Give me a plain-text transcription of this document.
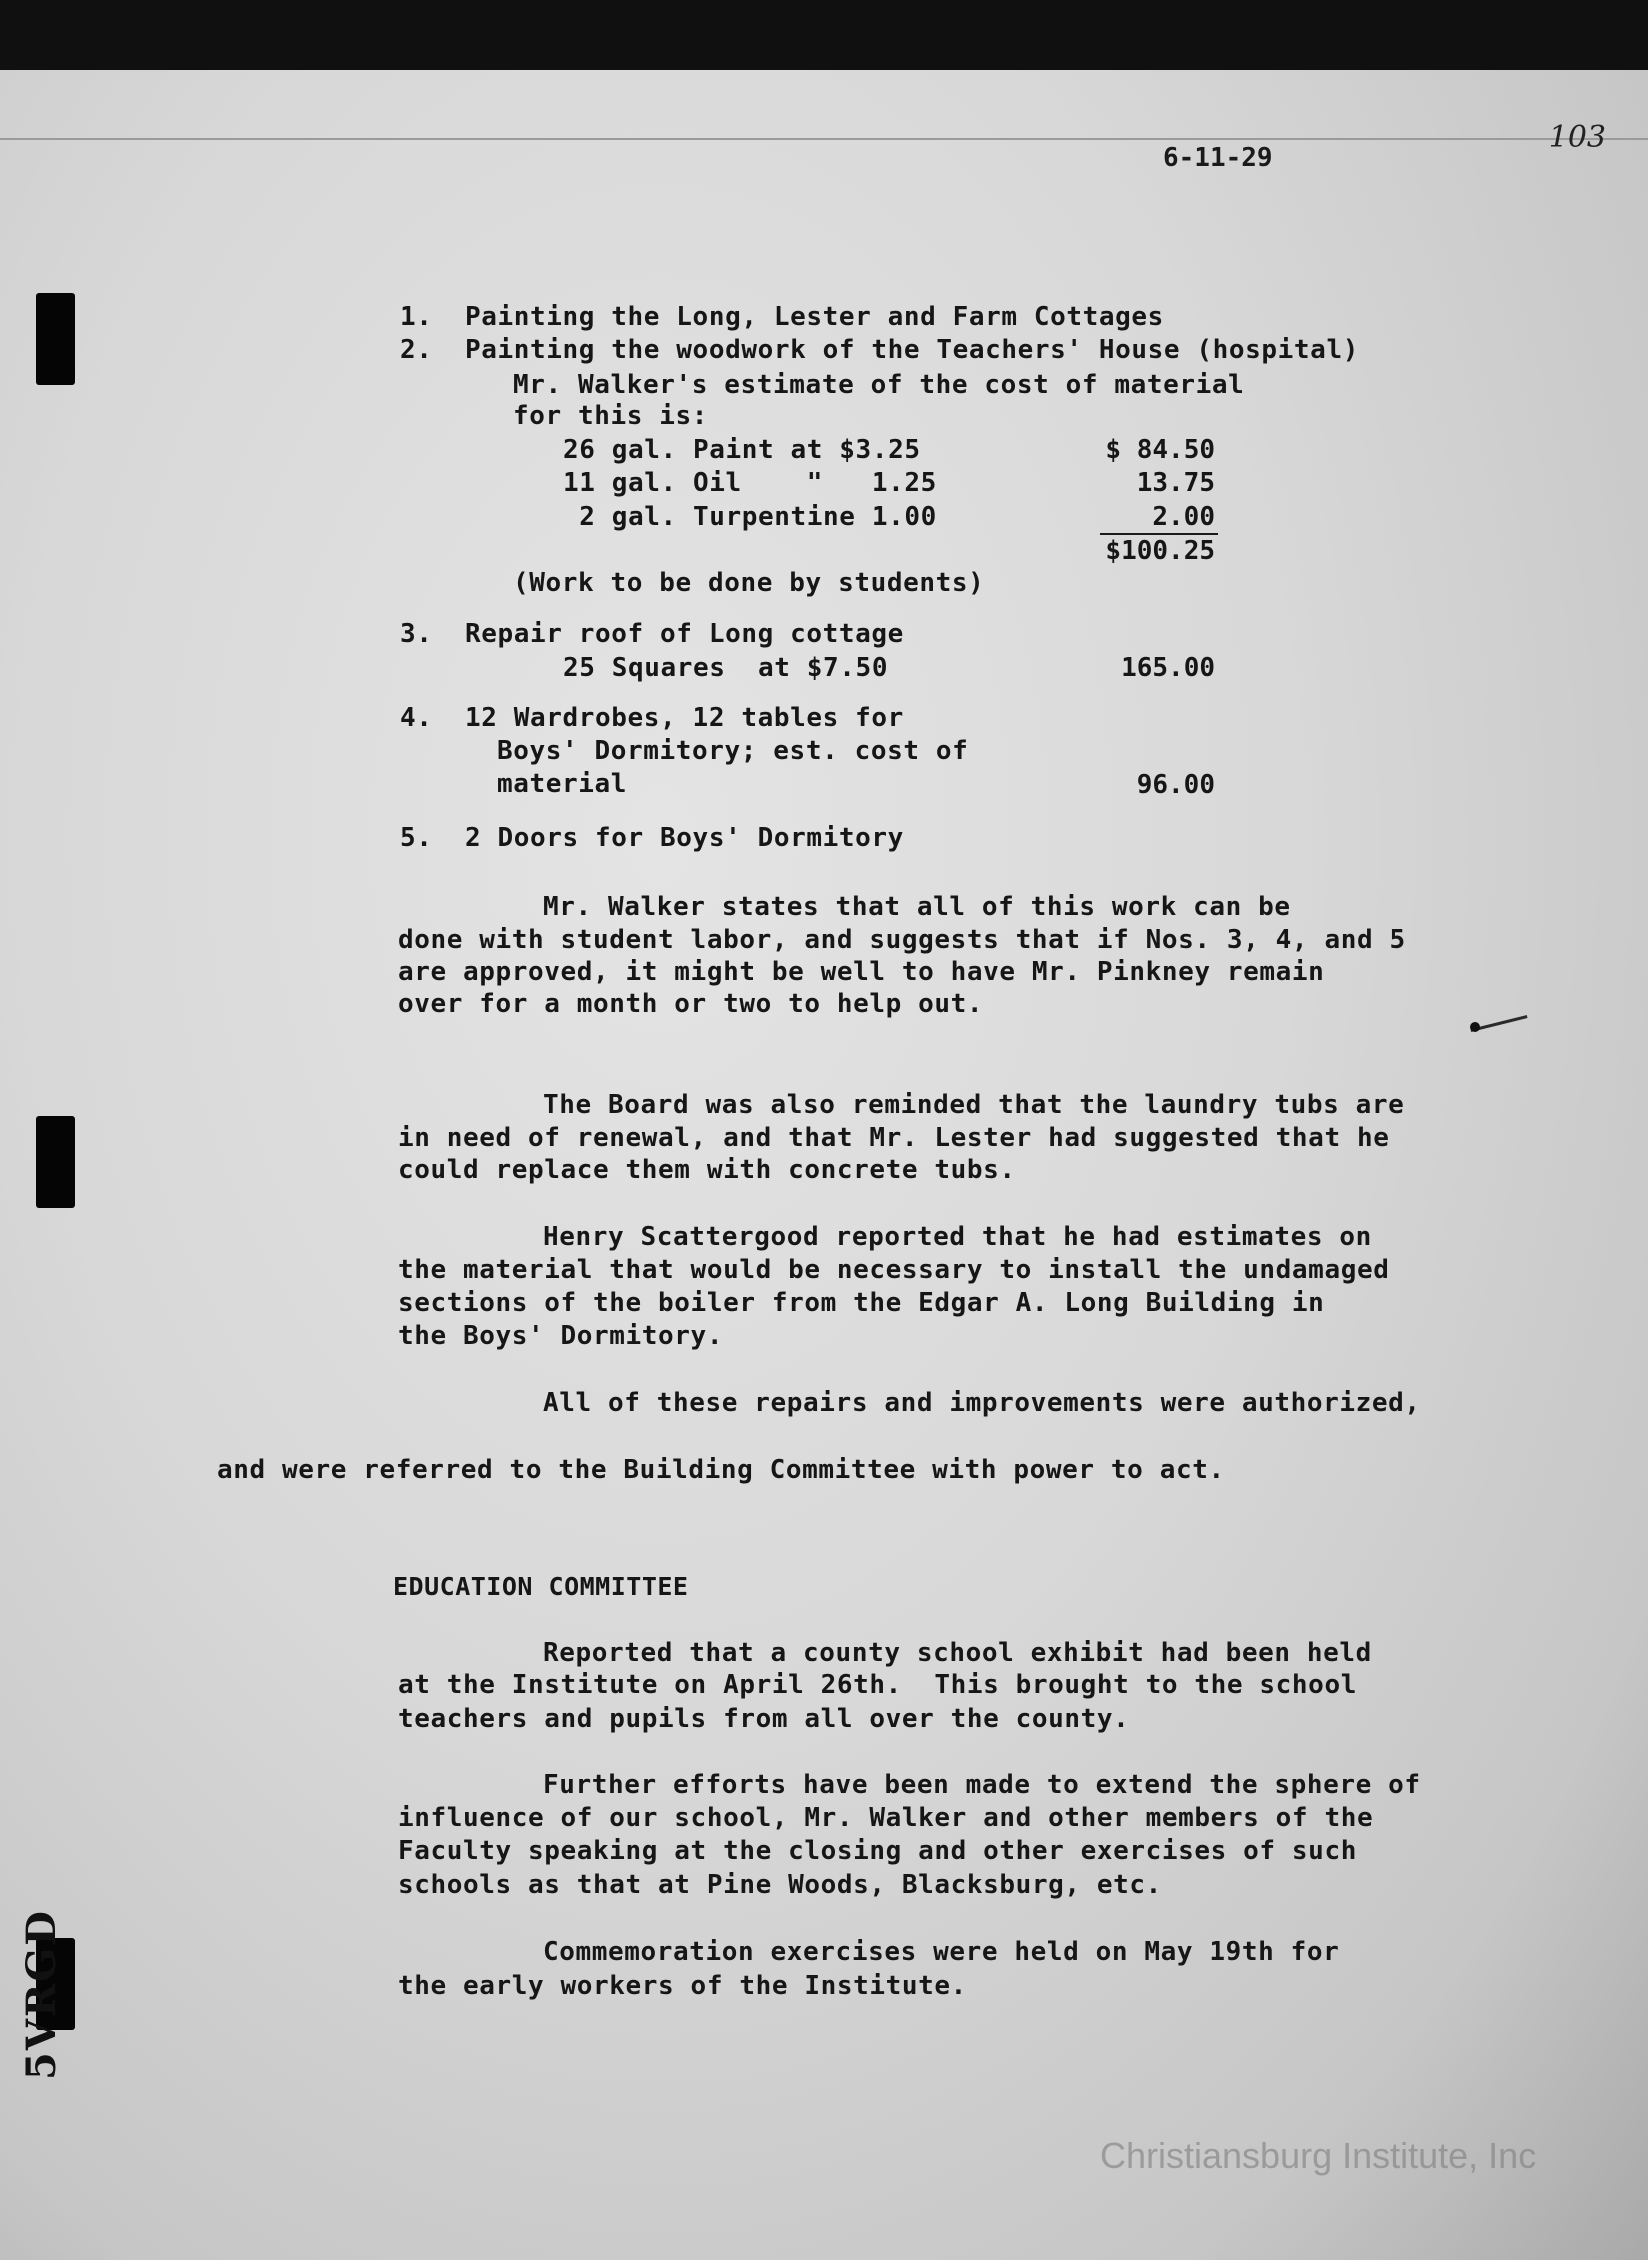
103
6-11-29
1.  Painting the Long, Lester and Farm Cottages
2.  Painting the woodwork of the Teachers' House (hospital)
Mr. Walker's estimate of the cost of material
for this is:
26 gal. Paint at $3.25	$ 84.50
11 gal. Oil    "   1.25	13.75
2 gal. Turpentine 1.00	2.00
$100.25
(Work to be done by students)
3.  Repair roof of Long cottage
25 Squares  at $7.50	165.00
4.  12 Wardrobes, 12 tables for
Boys' Dormitory; est. cost of
material	96.00
5.  2 Doors for Boys' Dormitory
Mr. Walker states that all of this work can be
done with student labor, and suggests that if Nos. 3, 4, and 5
are approved, it might be well to have Mr. Pinkney remain
over for a month or two to help out.
The Board was also reminded that the laundry tubs are
in need of renewal, and that Mr. Lester had suggested that he
could replace them with concrete tubs.
Henry Scattergood reported that he had estimates on
the material that would be necessary to install the undamaged
sections of the boiler from the Edgar A. Long Building in
the Boys' Dormitory.
All of these repairs and improvements were authorized,
and were referred to the Building Committee with power to act.
EDUCATION COMMITTEE
Reported that a county school exhibit had been held
at the Institute on April 26th.  This brought to the school
teachers and pupils from all over the county.
Further efforts have been made to extend the sphere of
influence of our school, Mr. Walker and other members of the
Faculty speaking at the closing and other exercises of such
schools as that at Pine Woods, Blacksburg, etc.
Commemoration exercises were held on May 19th for
the early workers of the Institute.
5VRGD
Christiansburg Institute, Inc
